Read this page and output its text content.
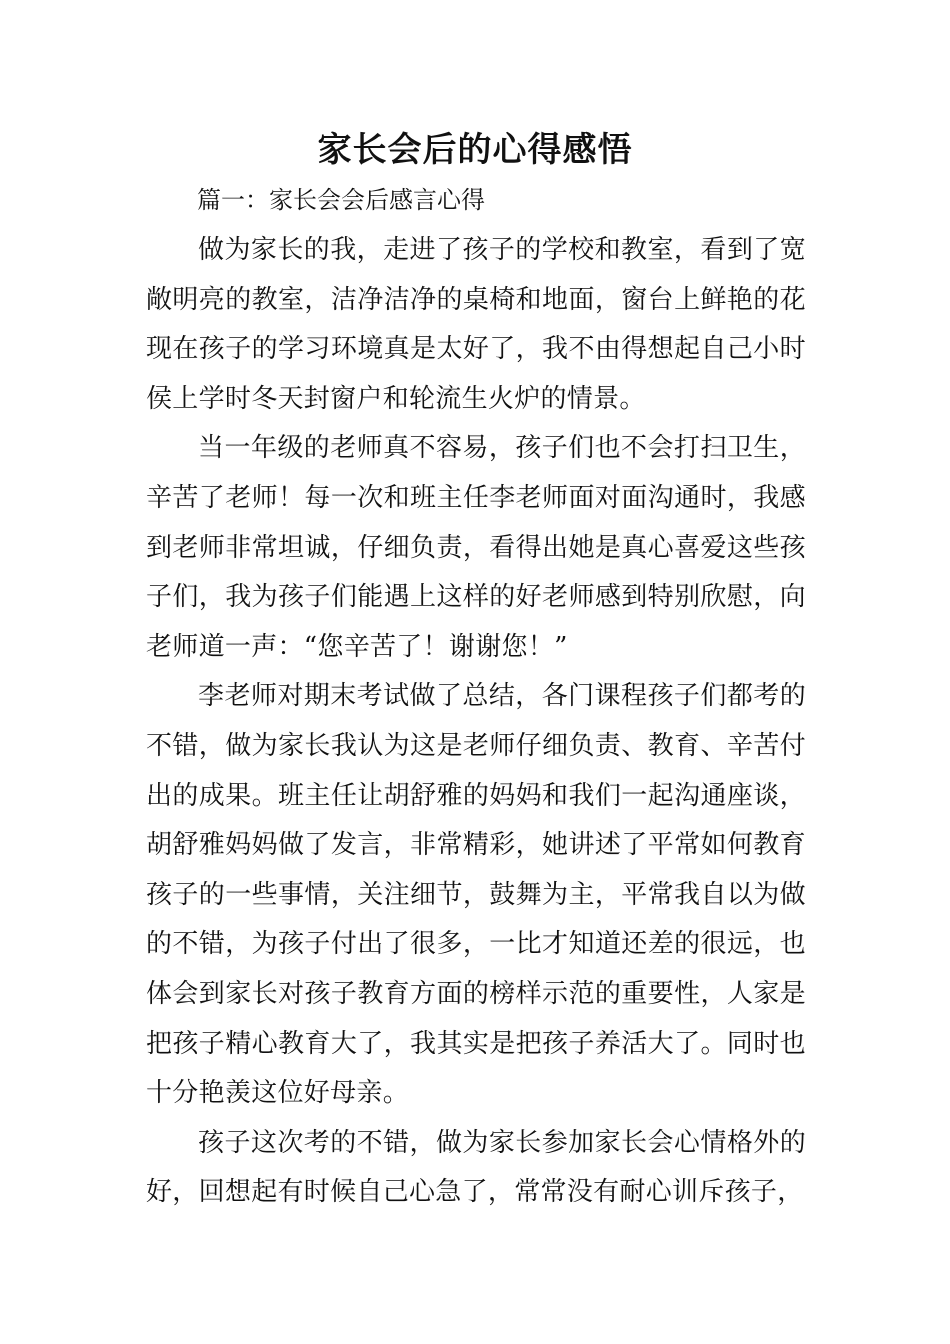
家长会后的心得感悟

篇一：家长会会后感言心得

做为家长的我，走进了孩子的学校和教室，看到了宽敞明亮的教室，洁净洁净的桌椅和地面，窗台上鲜艳的花现在孩子的学习环境真是太好了，我不由得想起自己小时侯上学时冬天封窗户和轮流生火炉的情景。

当一年级的老师真不容易，孩子们也不会打扫卫生，辛苦了老师！每一次和班主任李老师面对面沟通时，我感到老师非常坦诚，仔细负责，看得出她是真心喜爱这些孩子们，我为孩子们能遇上这样的好老师感到特别欣慰，向老师道一声：“您辛苦了！谢谢您！”

李老师对期末考试做了总结，各门课程孩子们都考的不错，做为家长我认为这是老师仔细负责、教育、辛苦付出的成果。班主任让胡舒雅的妈妈和我们一起沟通座谈，胡舒雅妈妈做了发言，非常精彩，她讲述了平常如何教育孩子的一些事情，关注细节，鼓舞为主，平常我自以为做的不错，为孩子付出了很多，一比才知道还差的很远，也体会到家长对孩子教育方面的榜样示范的重要性，人家是把孩子精心教育大了，我其实是把孩子养活大了。同时也十分艳羡这位好母亲。

孩子这次考的不错，做为家长参加家长会心情格外的好，回想起有时候自己心急了，常常没有耐心训斥孩子，
